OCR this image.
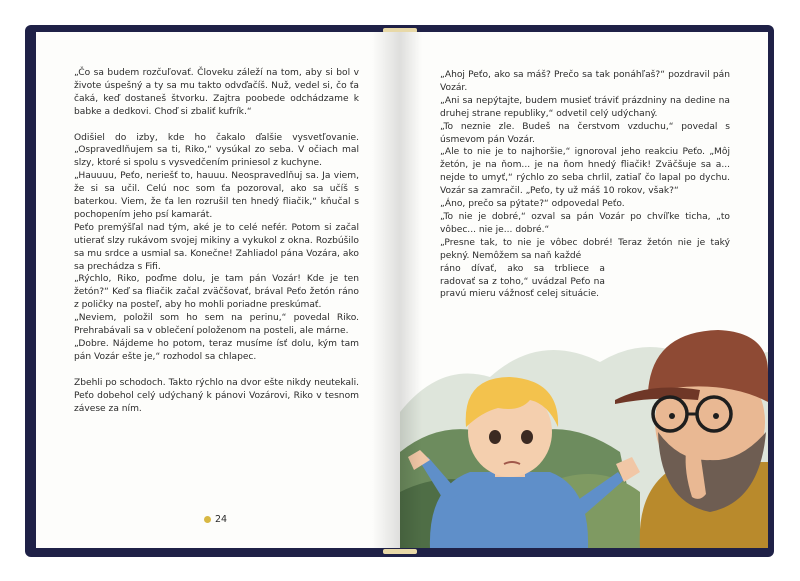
„Čo sa budem rozčuľovať. Človeku záleží na tom, aby si bol v živote úspešný a ty sa mu takto odvďačíš. Nuž, vedel si, čo ťa čaká, keď dostaneš štvorku. Zajtra poobede odchádzame k babke a dedkovi. Choď si zbaliť kufrík.“

Odišiel do izby, kde ho čakalo ďalšie vysvetľovanie. „Ospravedlňujem sa ti, Riko,“ vysúkal zo seba. V očiach mal slzy, ktoré si spolu s vysvedčením priniesol z kuchyne.

„Hauuuu, Peťo, neriešť to, hauuu. Neospravedlňuj sa. Ja viem, že si sa učil. Celú noc som ťa pozoroval, ako sa učíš s baterkou. Viem, že ťa len rozrušil ten hnedý fliačik,“ kňučal s pochopením jeho psí kamarát.

Peťo premýšľal nad tým, aké je to celé nefér. Potom si začal utierať slzy rukávom svojej mikiny a vykukol z okna. Rozbúšilo sa mu srdce a usmial sa. Konečne! Zahliadol pána Vozára, ako sa prechádza s Fifi.

„Rýchlo, Riko, poďme dolu, je tam pán Vozár! Kde je ten žetón?“ Keď sa fliačik začal zväčšovať, brával Peťo žetón ráno z poličky na posteľ, aby ho mohli poriadne preskúmať.

„Neviem, položil som ho sem na perinu,“ povedal Riko. Prehrabávali sa v oblečení položenom na posteli, ale márne.

„Dobre. Nájdeme ho potom, teraz musíme ísť dolu, kým tam pán Vozár ešte je,“ rozhodol sa chlapec.

Zbehli po schodoch. Takto rýchlo na dvor ešte nikdy neutekali. Peťo dobehol celý udýchaný k pánovi Vozárovi, Riko v tesnom závese za ním.

24

„Ahoj Peťo, ako sa máš? Prečo sa tak ponáhľaš?“ pozdravil pán Vozár.

„Ani sa nepýtajte, budem musieť tráviť prázdniny na dedine na druhej strane republiky,“ odvetil celý udýchaný.

„To neznie zle. Budeš na čerstvom vzduchu,“ povedal s úsmevom pán Vozár.

„Ale to nie je to najhoršie,“ ignoroval jeho reakciu Peťo. „Môj žetón, je na ňom... je na ňom hnedý fliačik! Zväčšuje sa a... nejde to umyť,“ rýchlo zo seba chrlil, zatiaľ čo lapal po dychu. Vozár sa zamračil. „Peťo, ty už máš 10 rokov, však?“

„Áno, prečo sa pýtate?“ odpovedal Peťo.

„To nie je dobré,“ ozval sa pán Vozár po chvíľke ticha, „to vôbec... nie je... dobré.“

„Presne tak, to nie je vôbec dobré! Teraz žetón nie je taký pekný. Nemôžem sa naň každé

ráno dívať, ako sa trbliece a radovať sa z toho,“ uvádzal Peťo na pravú mieru vážnosť celej situácie.
